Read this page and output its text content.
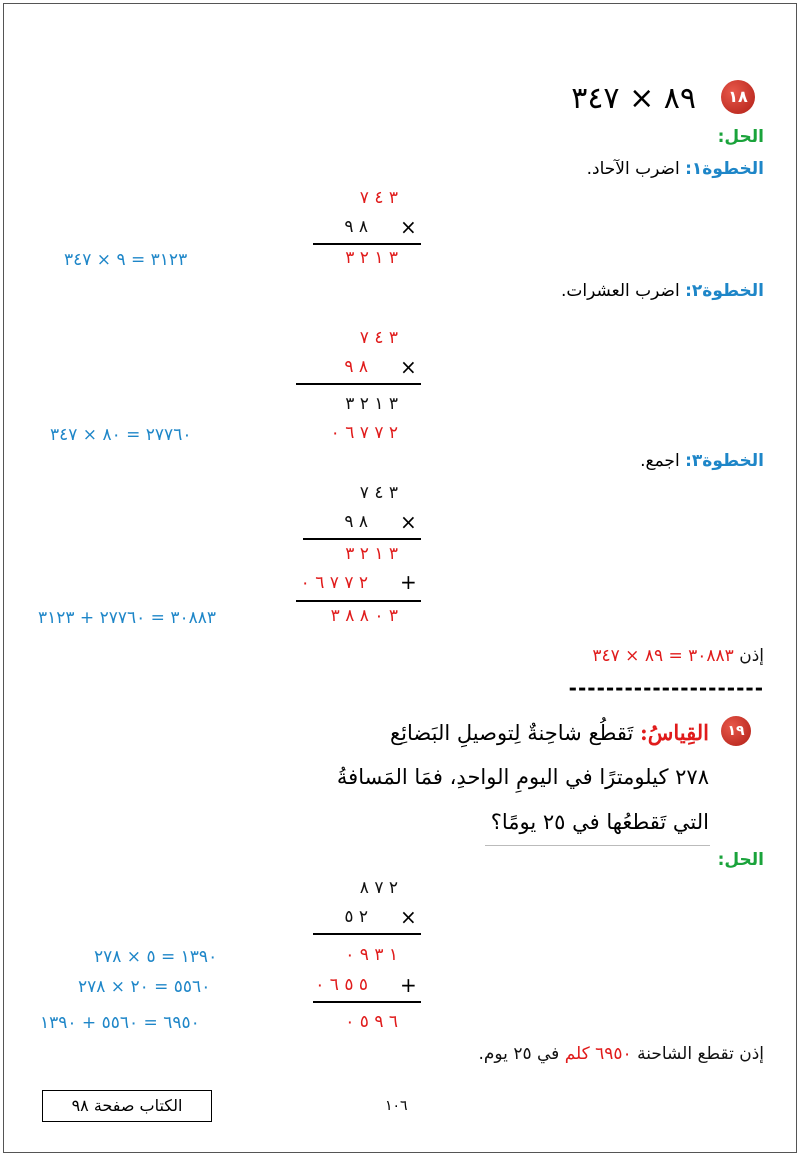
١٨
٨٩ × ٣٤٧
الحل:
الخطوة١: اضرب الآحاد.
٣ ٤ ٧
٨ ٩ ×
٣ ١ ٢ ٣
٣١٢٣ = ٩ × ٣٤٧
الخطوة٢: اضرب العشرات.
٣ ٤ ٧
٨ ٩ ×
٣ ١ ٢ ٣
٢ ٧ ٧ ٦ ٠
٢٧٧٦٠ = ٨٠ × ٣٤٧
الخطوة٣: اجمع.
٣ ٤ ٧
٨ ٩ ×
٣ ١ ٢ ٣
٢ ٧ ٧ ٦ ٠ +
٣ ٠ ٨ ٨ ٣
٣٠٨٨٣ = ٢٧٧٦٠ + ٣١٢٣
إذن ٣٠٨٨٣ = ٨٩ × ٣٤٧
---------------------
١٩
القِياسُ: تَقطُع شاحِنةٌ لِتوصيلِ البَضائِع
٢٧٨ كيلومترًا في اليومِ الواحدِ، فمَا المَسافةُ
التي تَقطعُها في ٢٥ يومًا؟
الحل:
٢ ٧ ٨
٢ ٥ ×
١ ٣ ٩ ٠
٥ ٥ ٦ ٠ +
٦ ٩ ٥ ٠
١٣٩٠ = ٥ × ٢٧٨
٥٥٦٠ = ٢٠ × ٢٧٨
٦٩٥٠ = ٥٥٦٠ + ١٣٩٠
إذن تقطع الشاحنة ٦٩٥٠ كلم في ٢٥ يوم.
الكتاب صفحة ٩٨	١٠٦
